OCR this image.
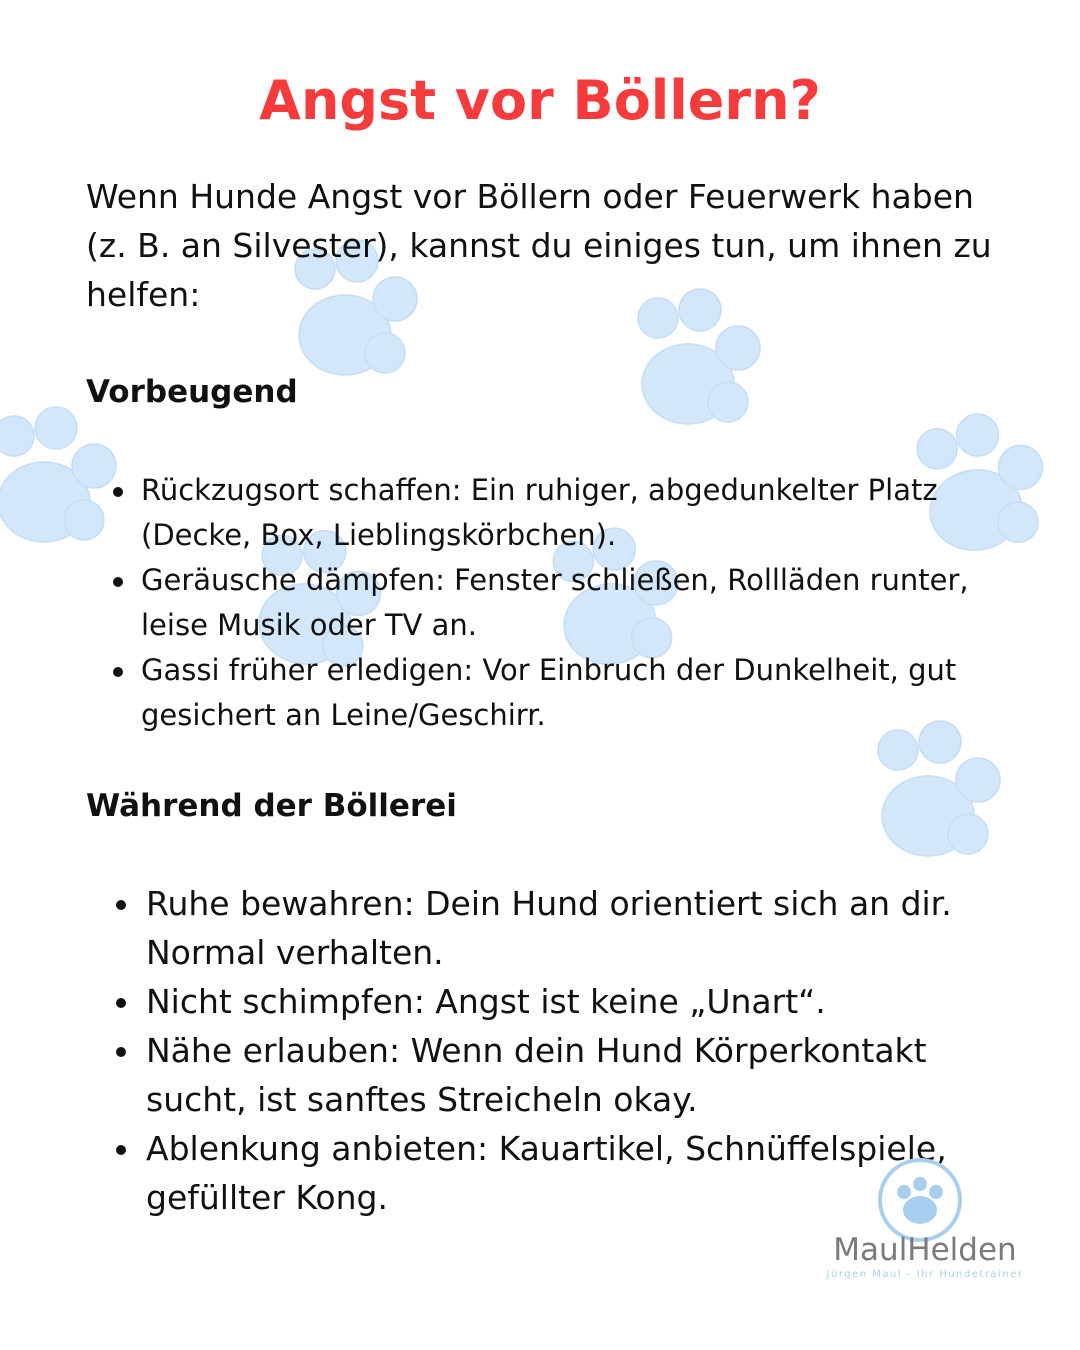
Angst vor Böllern?

Wenn Hunde Angst vor Böllern oder Feuerwerk haben (z. B. an Silvester), kannst du einiges tun, um ihnen zu helfen:

Vorbeugend
Rückzugsort schaffen: Ein ruhiger, abgedunkelter Platz (Decke, Box, Lieblingskörbchen).
Geräusche dämpfen: Fenster schließen, Rollläden runter, leise Musik oder TV an.
Gassi früher erledigen: Vor Einbruch der Dunkelheit, gut gesichert an Leine/Geschirr.
Während der Böllerei
Ruhe bewahren: Dein Hund orientiert sich an dir. Normal verhalten.
Nicht schimpfen: Angst ist keine „Unart“.
Nähe erlauben: Wenn dein Hund Körperkontakt sucht, ist sanftes Streicheln okay.
Ablenkung anbieten: Kauartikel, Schnüffelspiele, gefüllter Kong.
MaulHelden
Jürgen Maul - Ihr Hundetrainer
